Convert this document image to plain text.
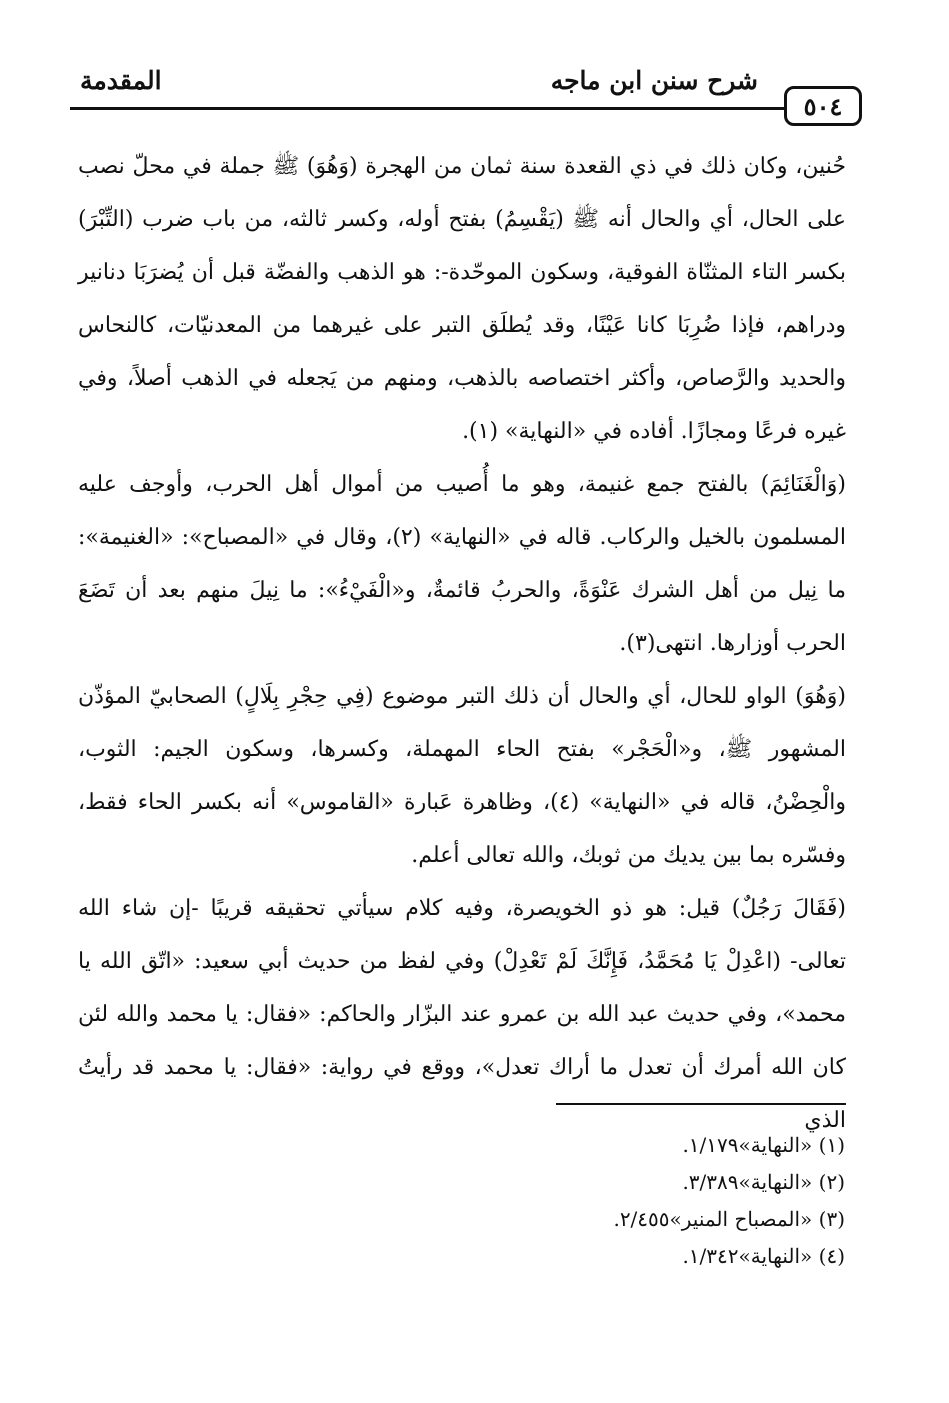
٥٠٤
شرح سنن ابن ماجه
المقدمة

حُنين، وكان ذلك في ذي القعدة سنة ثمان من الهجرة (وَهُوَ) ﷺ جملة في محلّ نصب على الحال، أي والحال أنه ﷺ (يَقْسِمُ) بفتح أوله، وكسر ثالثه، من باب ضرب (التِّبْرَ) بكسر التاء المثنّاة الفوقية، وسكون الموحّدة-: هو الذهب والفضّة قبل أن يُضرَبَا دنانير ودراهم، فإذا ضُرِبَا كانا عَيْنًا، وقد يُطلَق التبر على غيرهما من المعدنيّات، كالنحاس والحديد والرَّصاص، وأكثر اختصاصه بالذهب، ومنهم من يَجعله في الذهب أصلاً، وفي غيره فرعًا ومجازًا. أفاده في «النهاية» (١).

(وَالْغَنَائِمَ) بالفتح جمع غنيمة، وهو ما أُصيب من أموال أهل الحرب، وأوجف عليه المسلمون بالخيل والركاب. قاله في «النهاية» (٢)، وقال في «المصباح»: «الغنيمة»: ما نِيل من أهل الشرك عَنْوَةً، والحربُ قائمةٌ، و«الْفَيْءُ»: ما نِيلَ منهم بعد أن تَضَعَ الحرب أوزارها. انتهى(٣).

(وَهُوَ) الواو للحال، أي والحال أن ذلك التبر موضوع (فِي حِجْرِ بِلَالٍ) الصحابيّ المؤذّن المشهور ﷺ، و«الْحَجْر» بفتح الحاء المهملة، وكسرها، وسكون الجيم: الثوب، والْحِضْنُ، قاله في «النهاية» (٤)، وظاهرة عَبارة «القاموس» أنه بكسر الحاء فقط، وفسّره بما بين يديك من ثوبك، والله تعالى أعلم.

(فَقَالَ رَجُلٌ) قيل: هو ذو الخويصرة، وفيه كلام سيأتي تحقيقه قريبًا -إن شاء الله تعالى- (اعْدِلْ يَا مُحَمَّدُ، فَإِنَّكَ لَمْ تَعْدِلْ) وفي لفظ من حديث أبي سعيد: «اتّق الله يا محمد»، وفي حديث عبد الله بن عمرو عند البزّار والحاكم: «فقال: يا محمد والله لئن كان الله أمرك أن تعدل ما أراك تعدل»، ووقع في رواية: «فقال: يا محمد قد رأيتُ الذي

(١) «النهاية»١/١٧٩.
(٢) «النهاية»٣/٣٨٩.
(٣) «المصباح المنير»٢/٤٥٥.
(٤) «النهاية»١/٣٤٢.
